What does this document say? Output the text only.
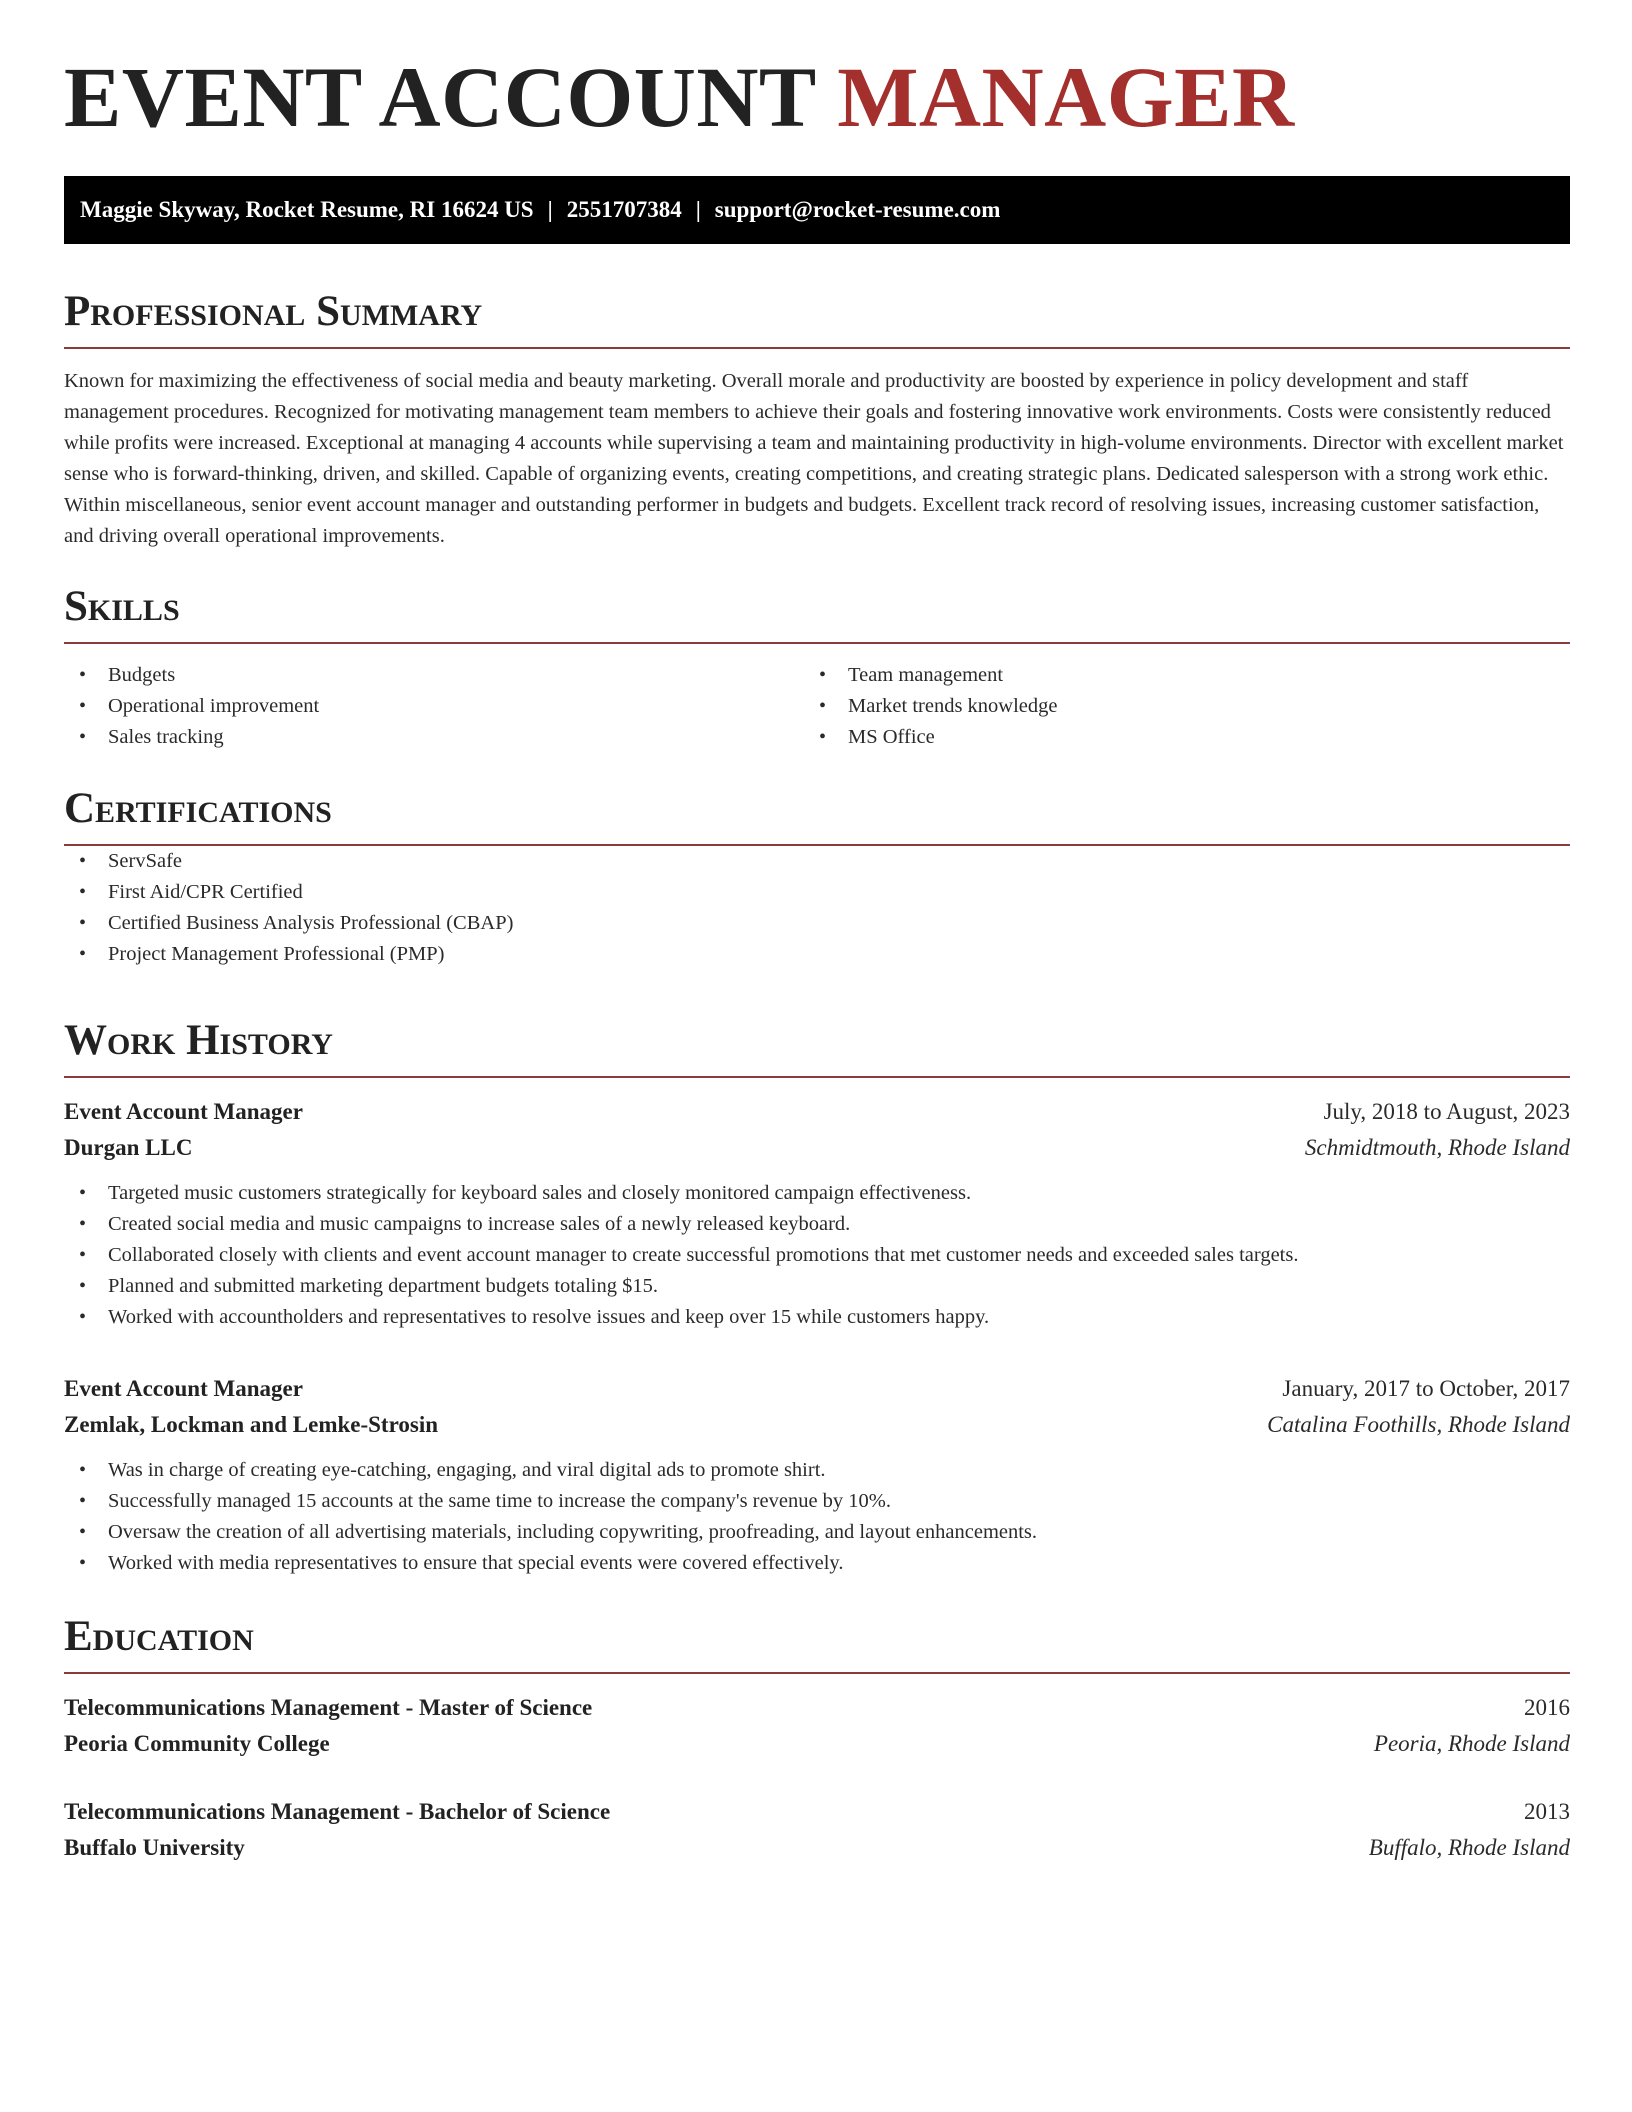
EVENT ACCOUNT MANAGER
Maggie Skyway, Rocket Resume, RI 16624 US | 2551707384 | support@rocket-resume.com
Professional Summary

Known for maximizing the effectiveness of social media and beauty marketing. Overall morale and productivity are boosted by experience in policy development and staff management procedures. Recognized for motivating management team members to achieve their goals and fostering innovative work environments. Costs were consistently reduced while profits were increased. Exceptional at managing 4 accounts while supervising a team and maintaining productivity in high-volume environments. Director with excellent market sense who is forward-thinking, driven, and skilled. Capable of organizing events, creating competitions, and creating strategic plans. Dedicated salesperson with a strong work ethic. Within miscellaneous, senior event account manager and outstanding performer in budgets and budgets. Excellent track record of resolving issues, increasing customer satisfaction, and driving overall operational improvements.

Skills
• Budgets
• Operational improvement
• Sales tracking
• Team management
• Market trends knowledge
• MS Office
Certifications
• ServSafe
• First Aid/CPR Certified
• Certified Business Analysis Professional (CBAP)
• Project Management Professional (PMP)
Work History
Event Account Manager	July, 2018 to August, 2023
Durgan LLC	Schmidtmouth, Rhode Island
• Targeted music customers strategically for keyboard sales and closely monitored campaign effectiveness.
• Created social media and music campaigns to increase sales of a newly released keyboard.
• Collaborated closely with clients and event account manager to create successful promotions that met customer needs and exceeded sales targets.
• Planned and submitted marketing department budgets totaling $15.
• Worked with accountholders and representatives to resolve issues and keep over 15 while customers happy.
Event Account Manager	January, 2017 to October, 2017
Zemlak, Lockman and Lemke-Strosin	Catalina Foothills, Rhode Island
• Was in charge of creating eye-catching, engaging, and viral digital ads to promote shirt.
• Successfully managed 15 accounts at the same time to increase the company's revenue by 10%.
• Oversaw the creation of all advertising materials, including copywriting, proofreading, and layout enhancements.
• Worked with media representatives to ensure that special events were covered effectively.
Education
Telecommunications Management - Master of Science	2016
Peoria Community College	Peoria, Rhode Island
Telecommunications Management - Bachelor of Science	2013
Buffalo University	Buffalo, Rhode Island
